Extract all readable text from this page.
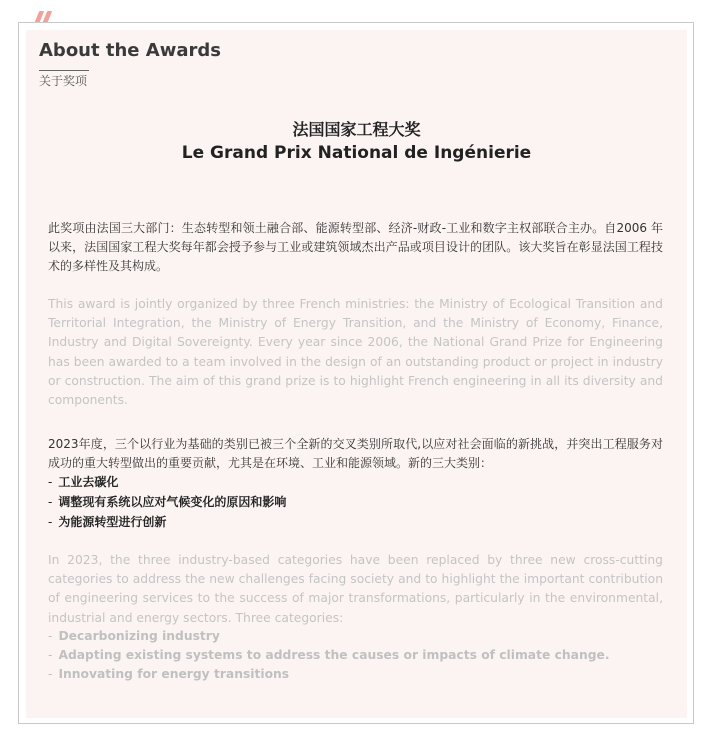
About the Awards
关于奖项
法国国家工程大奖
Le Grand Prix National de Ingénierie

此奖项由法国三大部门：生态转型和领土融合部、能源转型部、经济-财政-工业和数字主权部联合主办。自2006 年以来，法国国家工程大奖每年都会授予参与工业或建筑领域杰出产品或项目设计的团队。该大奖旨在彰显法国工程技术的多样性及其构成。

This award is jointly organized by three French ministries: the Ministry of Ecological Transition and Territorial Integration, the Ministry of Energy Transition, and the Ministry of Economy, Finance, Industry and Digital Sovereignty. Every year since 2006, the National Grand Prize for Engineering has been awarded to a team involved in the design of an outstanding product or project in industry or construction. The aim of this grand prize is to highlight French engineering in all its diversity and components.

2023年度，三个以行业为基础的类别已被三个全新的交叉类别所取代,以应对社会面临的新挑战，并突出工程服务对成功的重大转型做出的重要贡献，尤其是在环境、工业和能源领域。新的三大类别：

- 工业去碳化
- 调整现有系统以应对气候变化的原因和影响
- 为能源转型进行创新

In 2023, the three industry-based categories have been replaced by three new cross-cutting categories to address the new challenges facing society and to highlight the important contribution of engineering services to the success of major transformations, particularly in the environmental, industrial and energy sectors. Three categories:

- Decarbonizing industry
- Adapting existing systems to address the causes or impacts of climate change.
- Innovating for energy transitions
